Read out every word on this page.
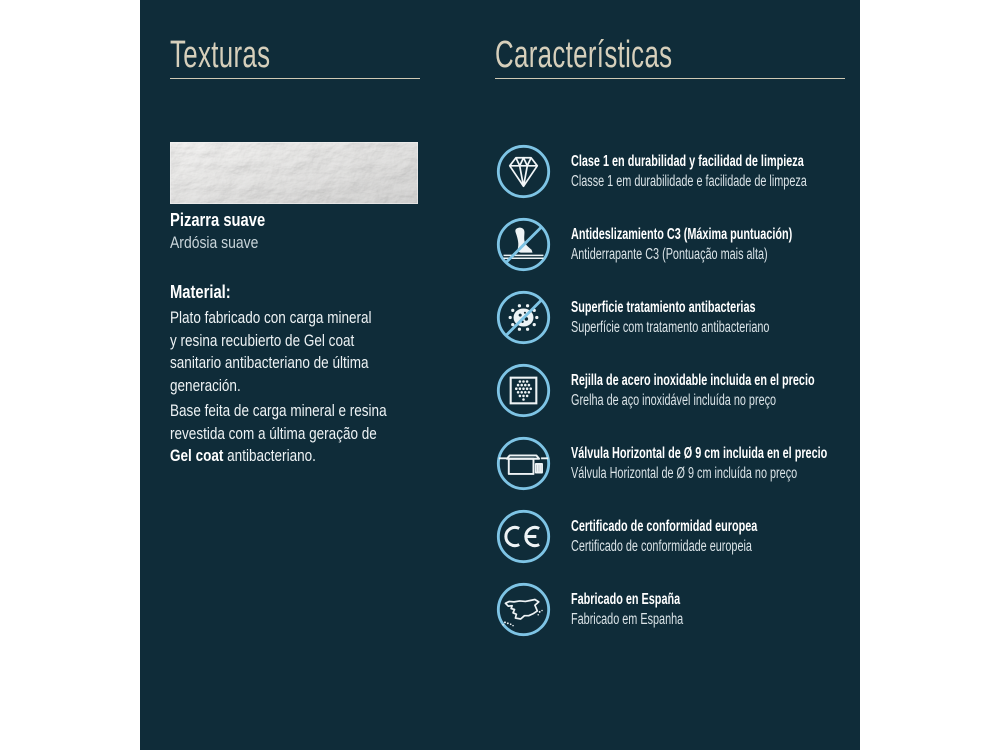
Texturas
Pizarra suave
Ardósia suave
Material:
Plato fabricado con carga mineral
y resina recubierto de Gel coat
sanitario antibacteriano de última
generación.
Base feita de carga mineral e resina
revestida com a última geração de
Gel coat antibacteriano.
Características
Clase 1 en durabilidad y facilidad de limpieza
Classe 1 em durabilidade e facilidade de limpeza
Antideslizamiento C3 (Máxima puntuación)
Antiderrapante C3 (Pontuação mais alta)
Superficie tratamiento antibacterias
Superfície com tratamento antibacteriano
Rejilla de acero inoxidable incluida en el precio
Grelha de aço inoxidável incluída no preço
Válvula Horizontal de Ø 9 cm incluida en el precio
Válvula Horizontal de Ø 9 cm incluída no preço
Certificado de conformidad europea
Certificado de conformidade europeia
Fabricado en España
Fabricado em Espanha
